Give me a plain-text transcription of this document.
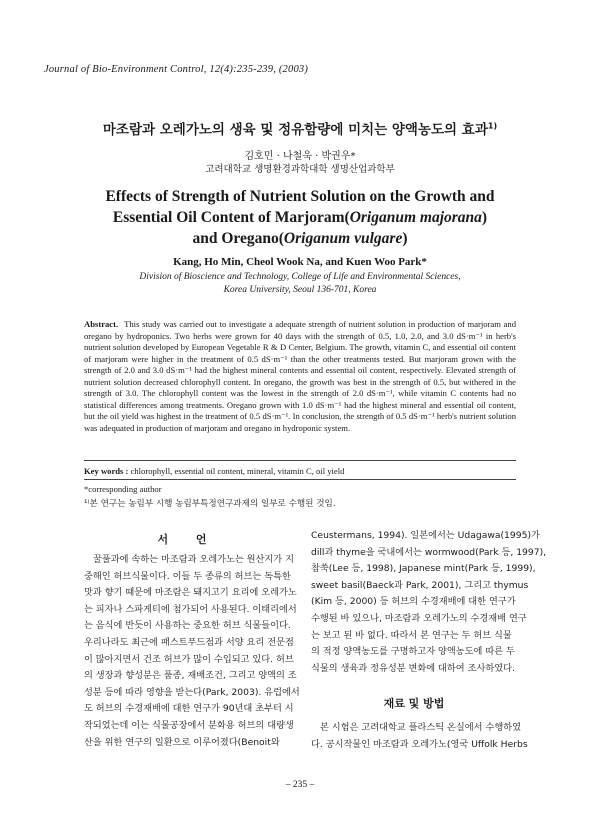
Journal of Bio-Environment Control, 12(4):235-239, (2003)
마조람과 오레가노의 생육 및 정유함량에 미치는 양액농도의 효과$^{1)}$
김호민 · 나철욱 · 박권우*
고려대학교 생명환경과학대학 생명산업과학부
Effects of Strength of Nutrient Solution on the Growth and
Essential Oil Content of Marjoram(Origanum majorana)
and Oregano(Origanum vulgare)
Kang, Ho Min, Cheol Wook Na, and Kuen Woo Park*
Division of Bioscience and Technology, College of Life and Environmental Sciences,
Korea University, Seoul 136-701, Korea
Abstract. This study was carried out to investigate a adequate strength of nutrient solution in production of marjoram and oregano by hydroponics. Two herbs were grown for 40 days with the strength of 0.5, 1.0, 2.0, and 3.0 dS·m⁻¹ in herb's nutrient solution developed by European Vegetable R & D Center, Belgium. The growth, vitamin C, and essential oil content of marjoram were higher in the treatment of 0.5 dS·m⁻¹ than the other treatments tested. But marjoram grown with the strength of 2.0 and 3.0 dS·m⁻¹ had the highest mineral contents and essential oil content, respectively. Elevated strength of nutrient solution decreased chlorophyll content. In oregano, the growth was best in the strength of 0.5, but withered in the strength of 3.0. The chlorophyll content was the lowest in the strength of 2.0 dS·m⁻¹, while vitamin C contents had no statistical differences among treatments. Oregano grown with 1.0 dS·m⁻¹ had the highest mineral and essential oil content, but the oil yield was highest in the treatment of 0.5 dS·m⁻¹. In conclusion, the strength of 0.5 dS·m⁻¹ herb's nutrient solution was adequated in production of marjoram and oregano in hydroponic system.
Key words : chlorophyll, essential oil content, mineral, vitamin C, oil yield
*corresponding author
¹⁾본 연구는 농림부 시행 농림부특정연구과제의 일부로 수행된 것임.
서 언
꿀풀과에 속하는 마조람과 오레가노는 원산지가 지
중해인 허브식물이다. 이들 두 종류의 허브는 독특한
맛과 향기 때문에 마조람은 돼지고기 요리에 오레가노
는 피자나 스파게티에 첨가되어 사용된다. 이태리에서
는 음식에 반듯이 사용하는 중요한 허브 식물들이다.
우리나라도 최근에 패스트푸드점과 서양 요리 전문점
이 많아지면서 건조 허브가 많이 수입되고 있다. 허브
의 생장과 향성분은 품종, 재배조건, 그리고 양액의 조
성분 등에 따라 영향을 받는다(Park, 2003). 유럽에서
도 허브의 수경재배에 대한 연구가 90년대 초부터 시
작되었는데 이는 식물공장에서 분화용 허브의 대량생
산을 위한 연구의 일환으로 이루어졌다(Benoit와
Ceustermans, 1994). 일본에서는 Udagawa(1995)가
dill과 thyme을 국내에서는 wormwood(Park 등, 1997),
참쑥(Lee 등, 1998), Japanese mint(Park 등, 1999),
sweet basil(Baeck과 Park, 2001), 그리고 thymus
(Kim 등, 2000) 등 허브의 수경재배에 대한 연구가
수행된 바 있으나, 마조람과 오레가노의 수경재배 연구
는 보고 된 바 없다. 따라서 본 연구는 두 허브 식물
의 적정 양액농도를 구명하고자 양액농도에 따른 두
식물의 생육과 정유성분 변화에 대하여 조사하였다.
재료 및 방법
본 시험은 고려대학교 플라스틱 온실에서 수행하였
다. 공시작물인 마조람과 오레가노(영국 Uffolk Herbs
– 235 –
